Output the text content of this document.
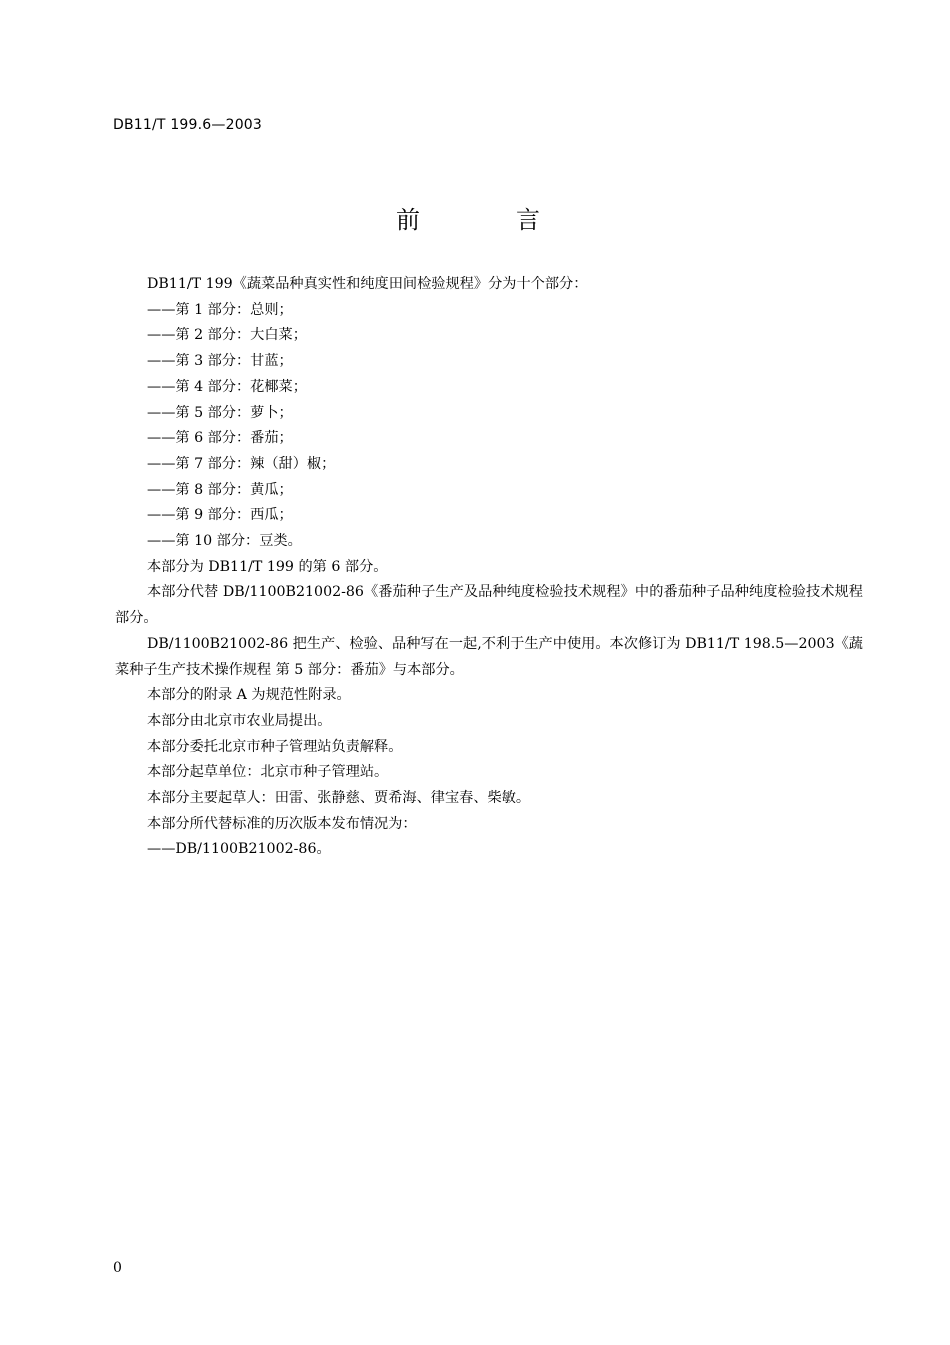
DB11/T 199.6—2003
前　言

DB11/T 199《蔬菜品种真实性和纯度田间检验规程》分为十个部分：

——第 1 部分：总则；

——第 2 部分：大白菜；

——第 3 部分：甘蓝；

——第 4 部分：花椰菜；

——第 5 部分：萝卜；

——第 6 部分：番茄；

——第 7 部分：辣（甜）椒；

——第 8 部分：黄瓜；

——第 9 部分：西瓜；

——第 10 部分：豆类。

本部分为 DB11/T 199 的第 6 部分。

本部分代替 DB/1100B21002-86《番茄种子生产及品种纯度检验技术规程》中的番茄种子品种纯度检验技术规程部分。

DB/1100B21002-86 把生产、检验、品种写在一起,不利于生产中使用。本次修订为 DB11/T 198.5—2003《蔬菜种子生产技术操作规程 第 5 部分：番茄》与本部分。

本部分的附录 A 为规范性附录。

本部分由北京市农业局提出。

本部分委托北京市种子管理站负责解释。

本部分起草单位：北京市种子管理站。

本部分主要起草人：田雷、张静慈、贾希海、律宝春、柴敏。

本部分所代替标准的历次版本发布情况为：

——DB/1100B21002-86。

0
